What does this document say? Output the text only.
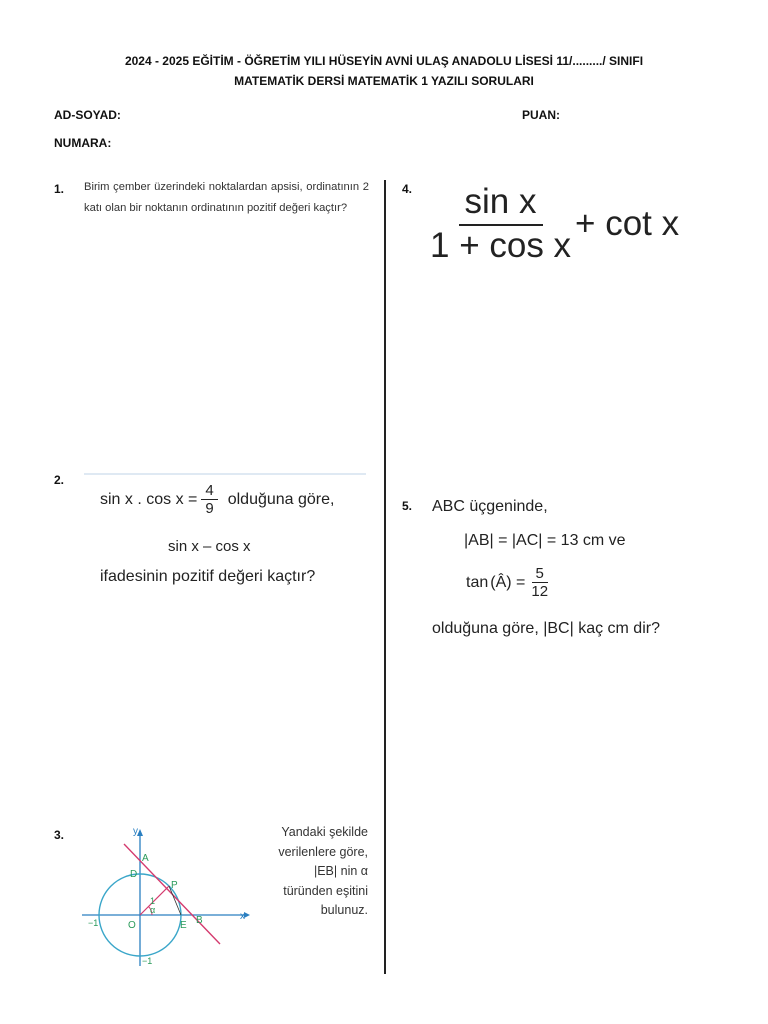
2024 - 2025 EĞİTİM - ÖĞRETİM YILI HÜSEYİN AVNİ ULAŞ ANADOLU LİSESİ 11/........./ SINIFI
MATEMATİK DERSİ MATEMATİK 1 YAZILI SORULARI
AD-SOYAD:	PUAN:
NUMARA:
1. Birim çember üzerindeki noktalardan apsisi, ordinatının 2 katı olan bir noktanın ordinatının pozitif değeri kaçtır?
4. $\frac{\text{sin x}}{\text{1 + cos x}} + \cot x$
2.
sin x . $\cos x = \frac{4}{9}$ olduğuna göre,
sin x – cos x
ifadesinin pozitif değeri kaçtır?
5. ABC üçgeninde,
|AB| = |AC| = 13 cm ve
tan (Â) = $\frac{5}{12}$
olduğuna göre, |BC| kaç cm dir?
3.	Yandaki şekilde verilenlere göre, |EB| nin α türünden eşitini bulunuz.
y
x
A
D
P
B
O	E
1
α
−1
−1
